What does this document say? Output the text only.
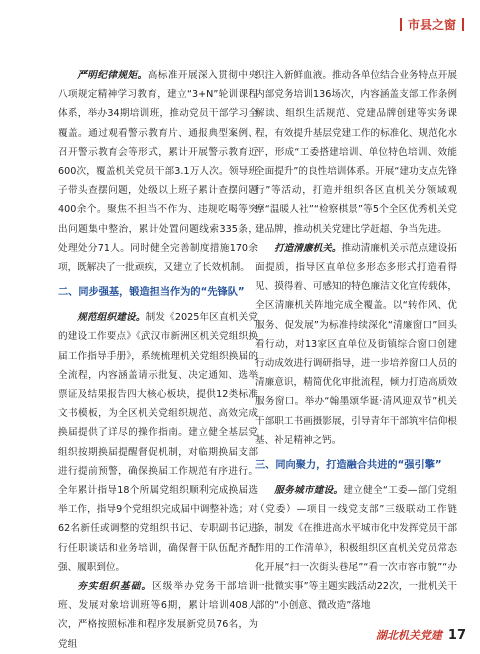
市县之窗

严明纪律规矩。高标准开展深入贯彻中央八项规定精神学习教育，建立“3+N”轮训课程体系，举办34期培训班，推动党员干部学习全覆盖。通过观看警示教育片、通报典型案例、召开警示教育会等形式，累计开展警示教育近600次，覆盖机关党员干部3.1万人次。领导班子带头查摆问题，处级以上班子累计查摆问题400余个。聚焦不担当不作为、违规吃喝等突出问题集中整治，累计处置问题线索335条，处理处分71人。同时健全完善制度措施170余项，既解决了一批顽疾，又建立了长效机制。

二、同步强基，锻造担当作为的“先锋队”

规范组织建设。制发《2025年区直机关党的建设工作要点》《武汉市新洲区机关党组织换届工作指导手册》，系统梳理机关党组织换届的全流程，内容涵盖请示批复、决定通知、选举票证及结果报告四大核心板块，提供12类标准文书模板，为全区机关党组织规范、高效完成换届提供了详尽的操作指南。建立健全基层党组织按期换届提醒督促机制，对临期换届支部进行提前预警，确保换届工作规范有序进行。全年累计指导18个所属党组织顺利完成换届选举工作，指导9个党组织完成届中调整补选；对62名新任或调整的党组织书记、专职副书记进行任职谈话和业务培训，确保督干队伍配齐配强、履职到位。

夯实组织基础。区级举办党务干部培训班、发展对象培训班等6期，累计培训408人次，严格按照标准和程序发展新党员76名，为党组

织注入新鲜血液。推动各单位结合业务特点开展内部党务培训136场次，内容涵盖支部工作条例解读、组织生活规范、党建品牌创建等实务课程，有效提升基层党建工作的标准化、规范化水平，形成“工委搭建培训、单位特色培训、效能全面提升”的良性培训体系。开展“建功支点先锋行”等活动，打造并组织各区直机关分领域观摩“温暖人社”“检察棋景”等5个全区优秀机关党建品牌，推动机关党建比学赶超、争当先进。

打造清廉机关。推动清廉机关示范点建设拓面提质，指导区直单位多形态多形式打造看得见、摸得着、可感知的特色廉洁文化宣传载体，全区清廉机关阵地完成全覆盖。以“转作风、优服务、促发展”为标准持续深化“清廉窗口”回头看行动，对13家区直单位及街镇综合窗口创建行动成效进行调研指导，进一步培养窗口人员的清廉意识，精简优化审批流程，倾力打造高质效服务窗口。举办“翰墨颂华诞·清风迎双节”机关干部职工书画摄影展，引导青年干部筑牢信仰根基、补足精神之钙。

三、同向聚力，打造融合共进的“强引擎”

服务城市建设。建立健全“工委—部门党组（党委）—项目一线党支部”三级联动工作链条，制发《在推进高水平城市化中发挥党员干部作用的工作清单》，积极组织区直机关党员常态化开展“扫一次街头巷尾”“看一次市容市貌”“办一批微实事”等主题实践活动22次，一批机关干部的“小创意、微改造”落地

湖北机关党建 17
